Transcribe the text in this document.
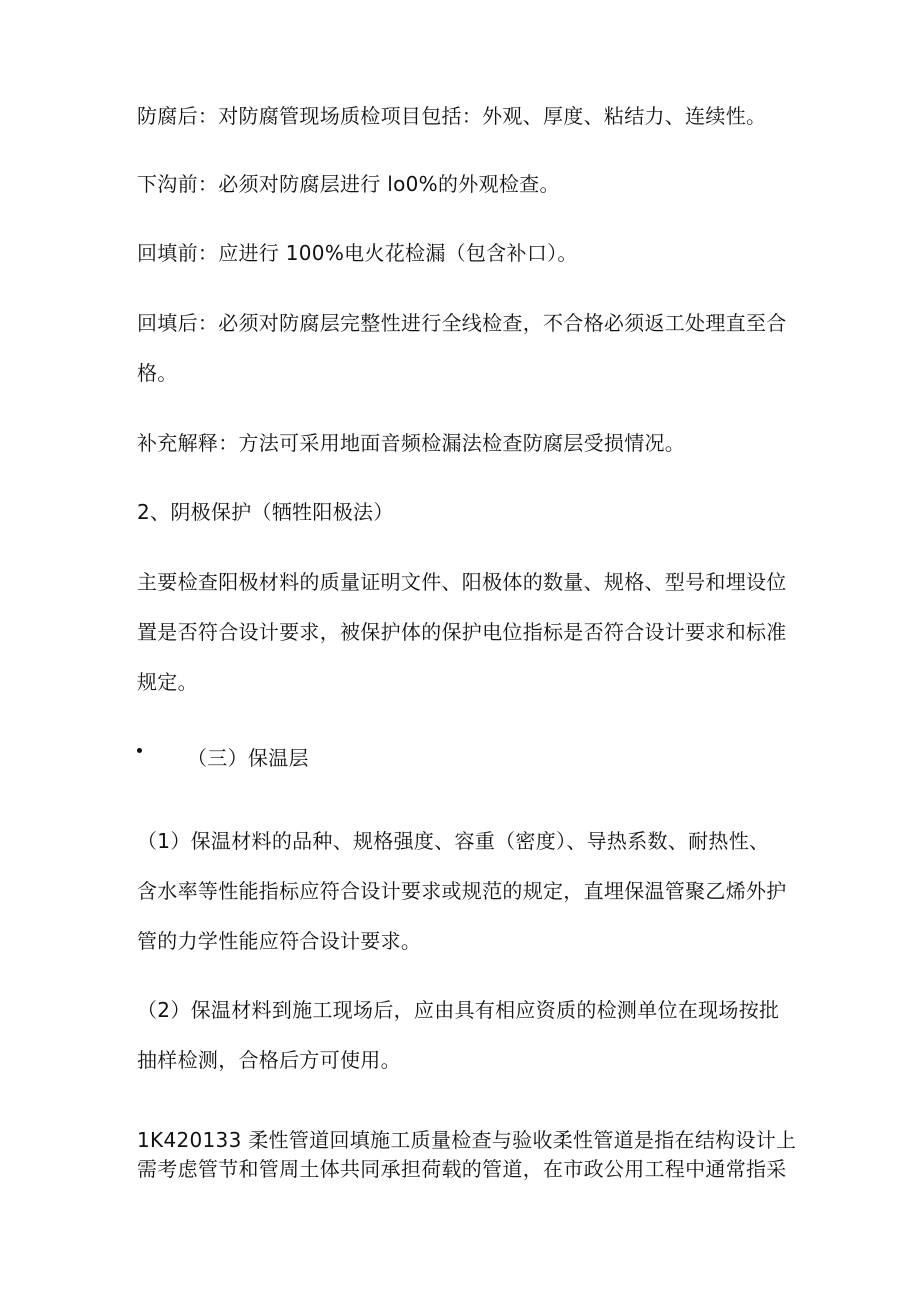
防腐后：对防腐管现场质检项目包括：外观、厚度、粘结力、连续性。
下沟前：必须对防腐层进行 lo0%的外观检查。
回填前：应进行 100%电火花检漏（包含补口）。
回填后：必须对防腐层完整性进行全线检查，不合格必须返工处理直至合
格。
补充解释：方法可采用地面音频检漏法检查防腐层受损情况。
2、阴极保护（牺牲阳极法）
主要检查阳极材料的质量证明文件、阳极体的数量、规格、型号和埋设位
置是否符合设计要求，被保护体的保护电位指标是否符合设计要求和标准
规定。
（三）保温层
（1）保温材料的品种、规格强度、容重（密度）、导热系数、耐热性、
含水率等性能指标应符合设计要求或规范的规定，直埋保温管聚乙烯外护
管的力学性能应符合设计要求。
（2）保温材料到施工现场后，应由具有相应资质的检测单位在现场按批
抽样检测，合格后方可使用。
1K420133 柔性管道回填施工质量检查与验收柔性管道是指在结构设计上
需考虑管节和管周土体共同承担荷载的管道，在市政公用工程中通常指采
